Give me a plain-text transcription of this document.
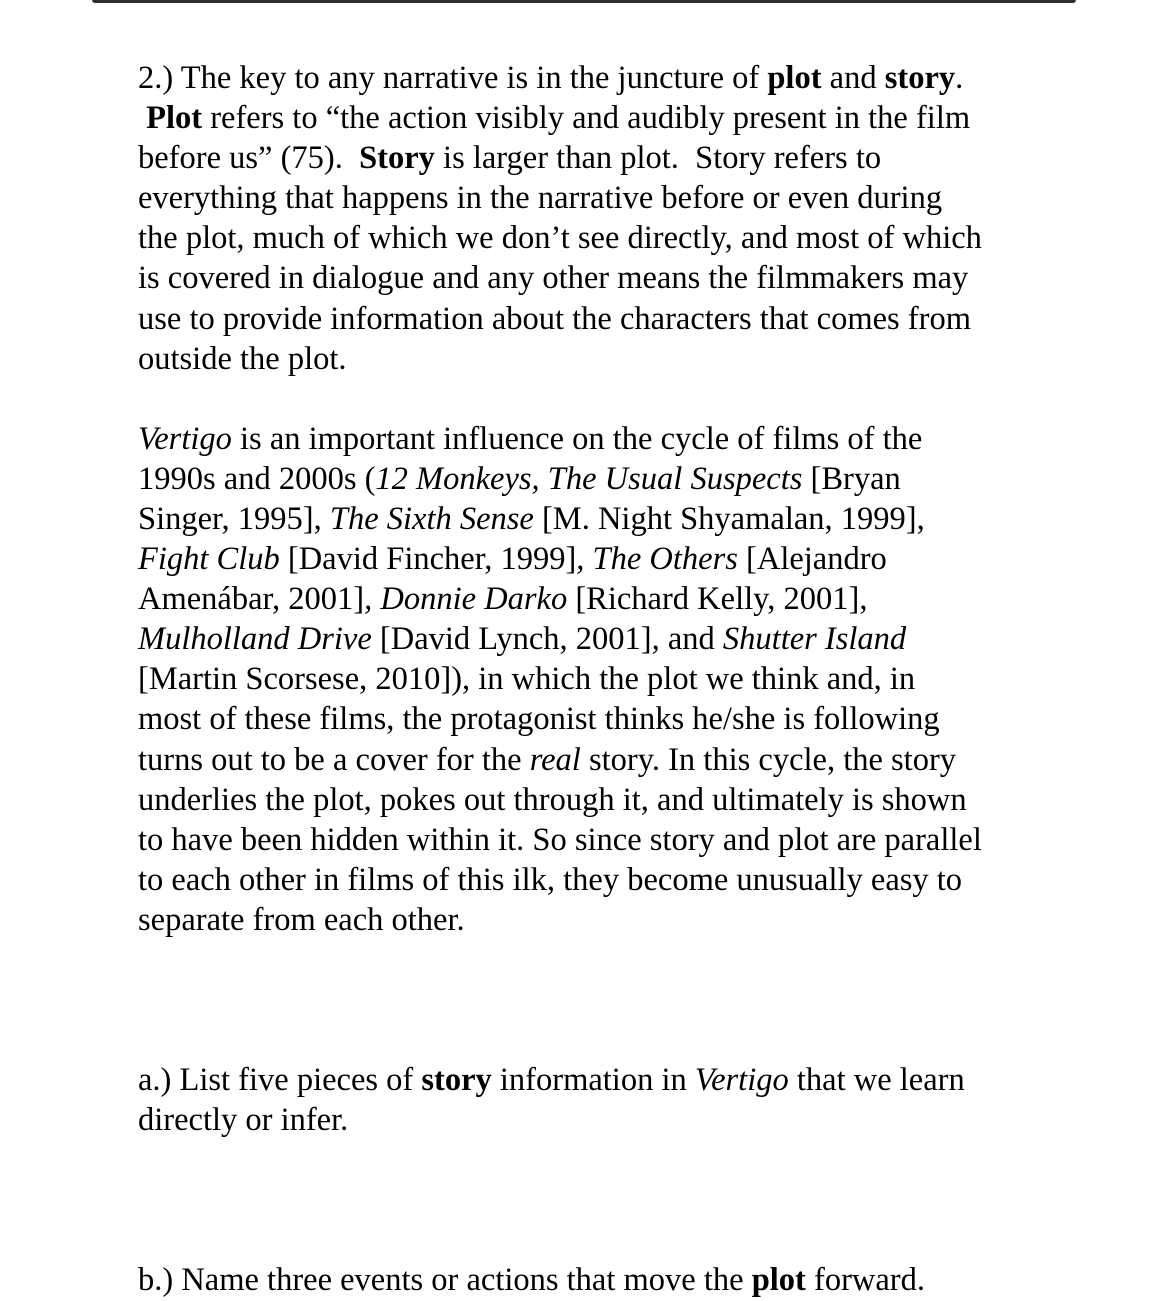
2.) The key to any narrative is in the juncture of plot and story.
Plot refers to “the action visibly and audibly present in the film
before us” (75).  Story is larger than plot.  Story refers to
everything that happens in the narrative before or even during
the plot, much of which we don’t see directly, and most of which
is covered in dialogue and any other means the filmmakers may
use to provide information about the characters that comes from
outside the plot.
Vertigo is an important influence on the cycle of films of the
1990s and 2000s (12 Monkeys, The Usual Suspects [Bryan
Singer, 1995], The Sixth Sense [M. Night Shyamalan, 1999],
Fight Club [David Fincher, 1999], The Others [Alejandro
Amenábar, 2001], Donnie Darko [Richard Kelly, 2001],
Mulholland Drive [David Lynch, 2001], and Shutter Island
[Martin Scorsese, 2010]), in which the plot we think and, in
most of these films, the protagonist thinks he/she is following
turns out to be a cover for the real story. In this cycle, the story
underlies the plot, pokes out through it, and ultimately is shown
to have been hidden within it. So since story and plot are parallel
to each other in films of this ilk, they become unusually easy to
separate from each other.
a.) List five pieces of story information in Vertigo that we learn
directly or infer.
b.) Name three events or actions that move the plot forward.
